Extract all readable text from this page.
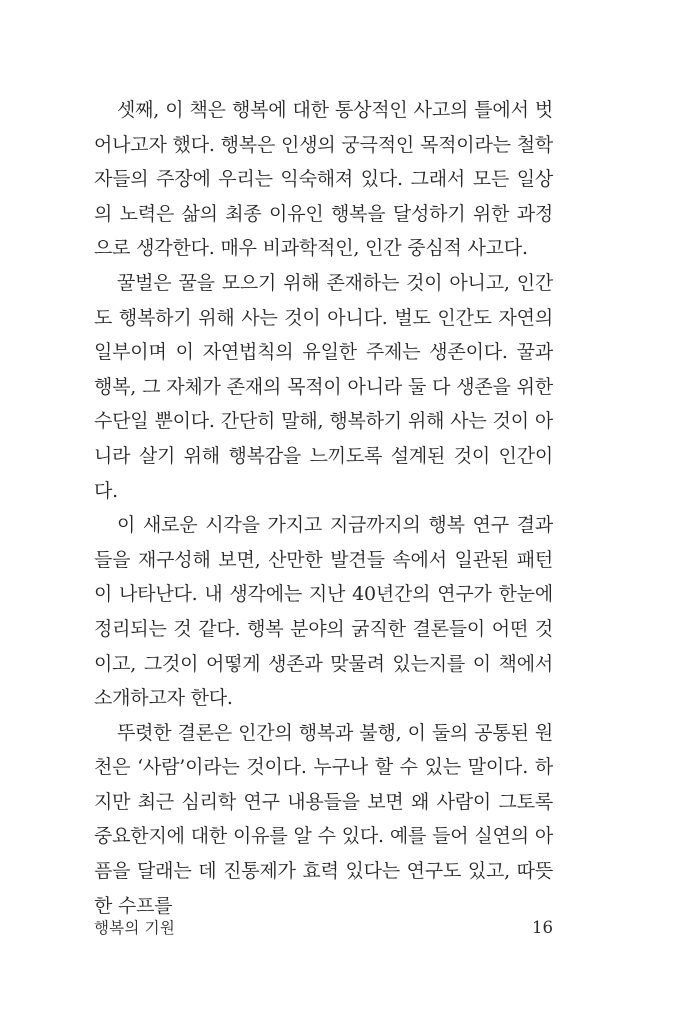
셋째, 이 책은 행복에 대한 통상적인 사고의 틀에서 벗어나고자 했다. 행복은 인생의 궁극적인 목적이라는 철학자들의 주장에 우리는 익숙해져 있다. 그래서 모든 일상의 노력은 삶의 최종 이유인 행복을 달성하기 위한 과정으로 생각한다. 매우 비과학적인, 인간 중심적 사고다.

꿀벌은 꿀을 모으기 위해 존재하는 것이 아니고, 인간도 행복하기 위해 사는 것이 아니다. 벌도 인간도 자연의 일부이며 이 자연법칙의 유일한 주제는 생존이다. 꿀과 행복, 그 자체가 존재의 목적이 아니라 둘 다 생존을 위한 수단일 뿐이다. 간단히 말해, 행복하기 위해 사는 것이 아니라 살기 위해 행복감을 느끼도록 설계된 것이 인간이다.

이 새로운 시각을 가지고 지금까지의 행복 연구 결과들을 재구성해 보면, 산만한 발견들 속에서 일관된 패턴이 나타난다. 내 생각에는 지난 40년간의 연구가 한눈에 정리되는 것 같다. 행복 분야의 굵직한 결론들이 어떤 것이고, 그것이 어떻게 생존과 맞물려 있는지를 이 책에서 소개하고자 한다.

뚜렷한 결론은 인간의 행복과 불행, 이 둘의 공통된 원천은 ‘사람’이라는 것이다. 누구나 할 수 있는 말이다. 하지만 최근 심리학 연구 내용들을 보면 왜 사람이 그토록 중요한지에 대한 이유를 알 수 있다. 예를 들어 실연의 아픔을 달래는 데 진통제가 효력 있다는 연구도 있고, 따뜻한 수프를

행복의 기원	16
